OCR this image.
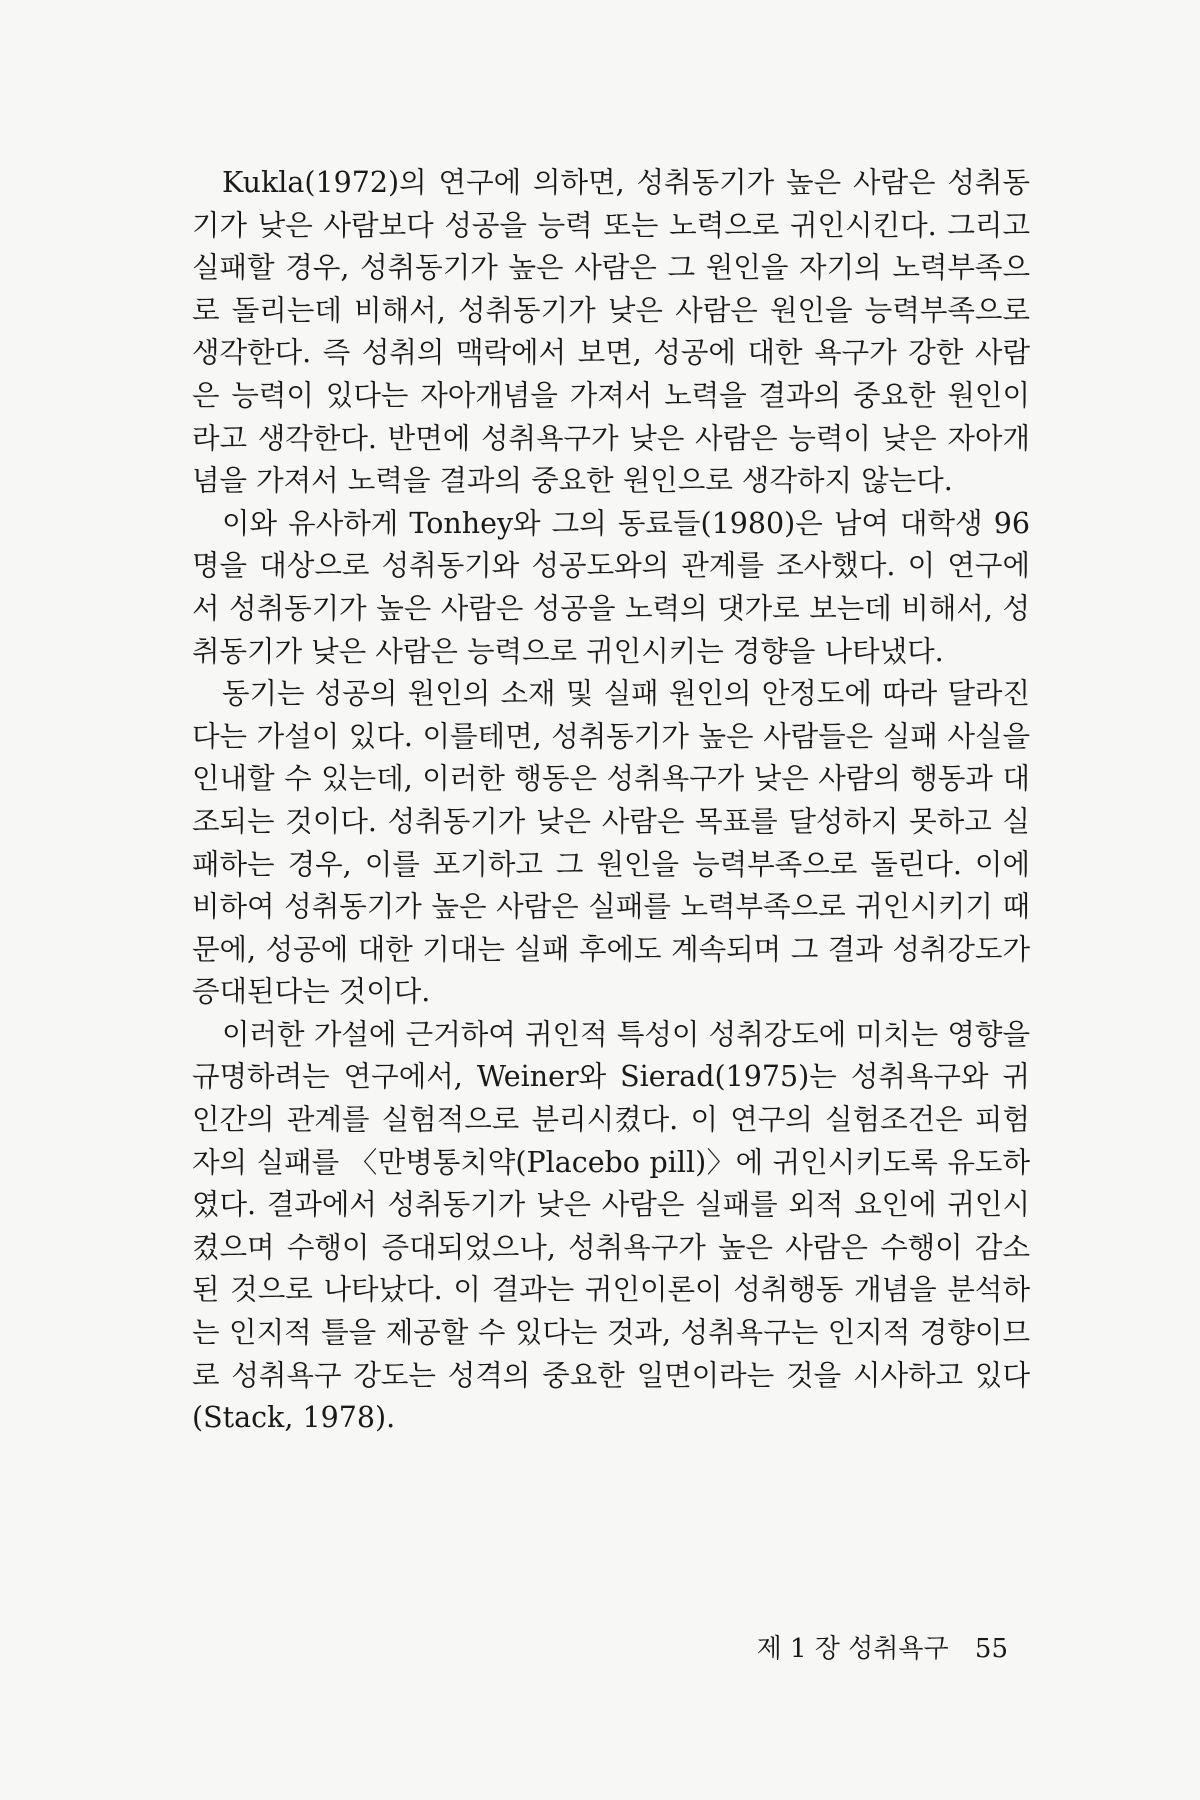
Kukla(1972)의 연구에 의하면, 성취동기가 높은 사람은 성취동기가 낮은 사람보다 성공을 능력 또는 노력으로 귀인시킨다. 그리고 실패할 경우, 성취동기가 높은 사람은 그 원인을 자기의 노력부족으로 돌리는데 비해서, 성취동기가 낮은 사람은 원인을 능력부족으로 생각한다. 즉 성취의 맥락에서 보면, 성공에 대한 욕구가 강한 사람은 능력이 있다는 자아개념을 가져서 노력을 결과의 중요한 원인이라고 생각한다. 반면에 성취욕구가 낮은 사람은 능력이 낮은 자아개념을 가져서 노력을 결과의 중요한 원인으로 생각하지 않는다.

이와 유사하게 Tonhey와 그의 동료들(1980)은 남여 대학생 96명을 대상으로 성취동기와 성공도와의 관계를 조사했다. 이 연구에서 성취동기가 높은 사람은 성공을 노력의 댓가로 보는데 비해서, 성취동기가 낮은 사람은 능력으로 귀인시키는 경향을 나타냈다.

동기는 성공의 원인의 소재 및 실패 원인의 안정도에 따라 달라진다는 가설이 있다. 이를테면, 성취동기가 높은 사람들은 실패 사실을 인내할 수 있는데, 이러한 행동은 성취욕구가 낮은 사람의 행동과 대조되는 것이다. 성취동기가 낮은 사람은 목표를 달성하지 못하고 실패하는 경우, 이를 포기하고 그 원인을 능력부족으로 돌린다. 이에 비하여 성취동기가 높은 사람은 실패를 노력부족으로 귀인시키기 때문에, 성공에 대한 기대는 실패 후에도 계속되며 그 결과 성취강도가 증대된다는 것이다.

이러한 가설에 근거하여 귀인적 특성이 성취강도에 미치는 영향을 규명하려는 연구에서, Weiner와 Sierad(1975)는 성취욕구와 귀인간의 관계를 실험적으로 분리시켰다. 이 연구의 실험조건은 피험자의 실패를 〈만병통치약(Placebo pill)〉에 귀인시키도록 유도하였다. 결과에서 성취동기가 낮은 사람은 실패를 외적 요인에 귀인시켰으며 수행이 증대되었으나, 성취욕구가 높은 사람은 수행이 감소된 것으로 나타났다. 이 결과는 귀인이론이 성취행동 개념을 분석하는 인지적 틀을 제공할 수 있다는 것과, 성취욕구는 인지적 경향이므로 성취욕구 강도는 성격의 중요한 일면이라는 것을 시사하고 있다(Stack, 1978).

제 1 장 성취욕구 55
